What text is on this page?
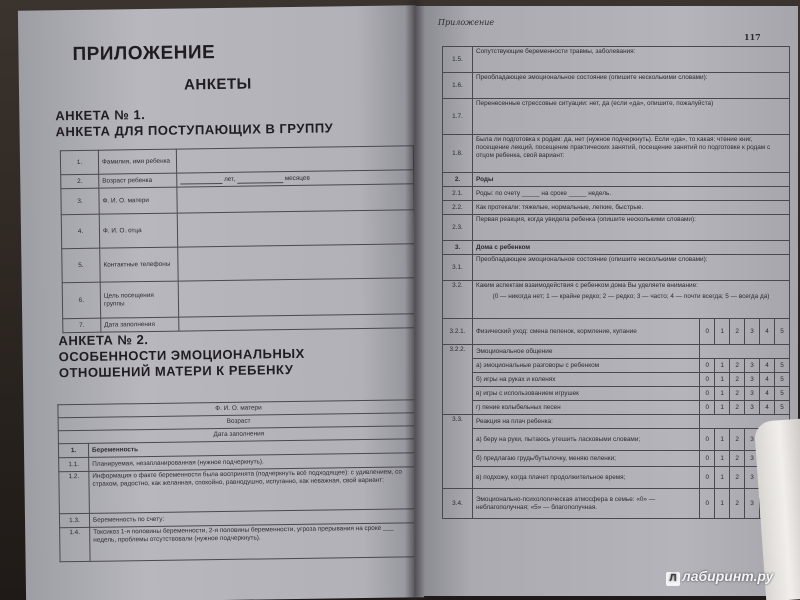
ПРИЛОЖЕНИЕ
АНКЕТЫ
АНКЕТА № 1.
АНКЕТА ДЛЯ ПОСТУПАЮЩИХ В ГРУППУ
1.	Фамилия, имя ребенка	
2.	Возраст ребенка	лет, месяцев
3.	Ф. И. О. матери	
4.	Ф. И. О. отца	
5.	Контактные телефоны	
6.	Цель посещения группы	
7.	Дата заполнения	
АНКЕТА № 2.
ОСОБЕННОСТИ ЭМОЦИОНАЛЬНЫХ
ОТНОШЕНИЙ МАТЕРИ К РЕБЕНКУ
Ф. И. О. матери	
Возраст	
Дата заполнения	
1.	Беременность
1.1.	Планируемая, незапланированная (нужное подчеркнуть).
1.2.	Информация о факте беременности была воспринята (подчеркнуть всё подходящее): с удивлением, со страхом, радостно, как желанная, спокойно, равнодушно, испуганно, как неважная, свой вариант:
1.3.	Беременность по счету:
1.4.	Токсикоз 1-я половины беременности, 2-я половины беременности, угроза прерывания на сроке ___ недель, проблемы отсутствовали (нужное подчеркнуть).
Приложение
117
1.5.	Сопутствующие беременности травмы, заболевания:						
1.6.	Преобладающее эмоциональное состояние (опишите несколькими словами):						
1.7.	Перенесенные стрессовые ситуации: нет, да (если «да», опишите, пожалуйста)						
1.8.	Была ли подготовка к родам: да, нет (нужное подчеркнуть). Если «да», то какая: чтение книг, посещение лекций, посещение практических занятий, посещение занятий по подготовке к родам с отцом ребенка, свой вариант:						
2.	Роды						
2.1.	Роды: по счету _____ на сроке _____ недель.						
2.2.	Как протекали: тяжелые, нормальные, легкие, быстрые.						
2.3.	Первая реакция, когда увидела ребенка (опишите несколькими словами):						
3.	Дома с ребенком						
3.1.	Преобладающее эмоциональное состояние (опишите несколькими словами):						
3.2.	Каким аспектам взаимодействия с ребенком дома Вы уделяете внимание:
(0 — никогда нет; 1 — крайне редко; 2 — редко; 3 — часто; 4 — почти всегда; 5 — всегда да)						

3.2.1.	Физический уход: смена пеленок, кормление, купание	0	1	2	3	4	5
3.2.2.	Эмоциональное общение						
	а) эмоциональные разговоры с ребенком	0	1	2	3	4	5
	б) игры на руках и коленях	0	1	2	3	4	5
	в) игры с использованием игрушек	0	1	2	3	4	5
	г) пение колыбельных песен	0	1	2	3	4	5
3.3.	Реакция на плач ребенка:						
	а) беру на руки, пытаюсь утешить ласковыми словами;	0	1	2	3		
	б) предлагаю грудь/бутылочку, меняю пеленки;	0	1	2	3		
	в) подхожу, когда плачет продолжительное время;	0	1	2	3		
3.4.	Эмоционально-психологическая атмосфера в семье: «0» — неблагополучная; «5» — благополучная.	0	1	2	3		
Л лабиринт.ру
